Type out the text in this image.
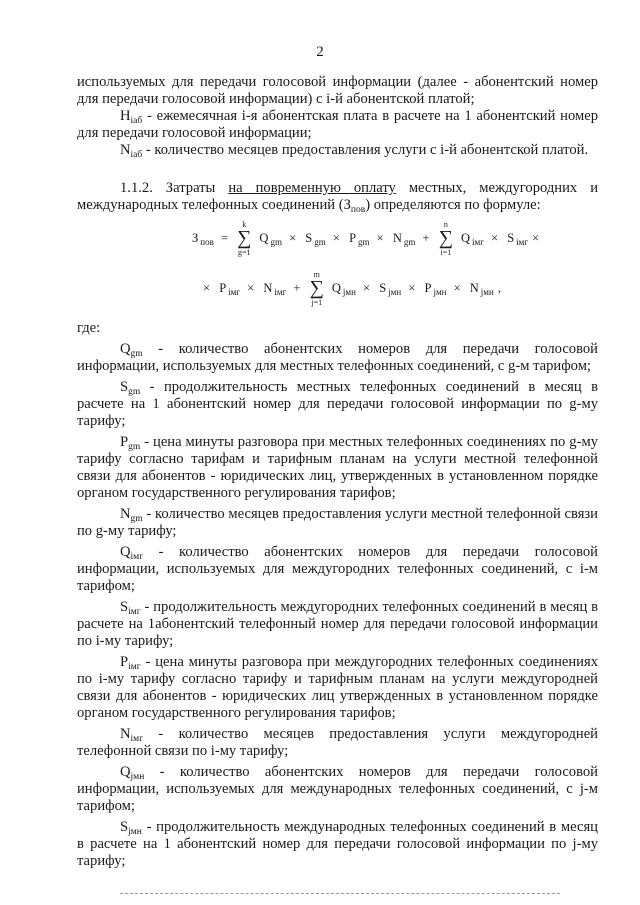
2

используемых для передачи голосовой информации (далее - абонентский номер для передачи голосовой информации) с i-й абонентской платой;

$H_{iаб}$ - ежемесячная i-я абонентская плата в расчете на 1 абонентский номер для передачи голосовой информации;

$N_{iаб}$ - количество месяцев предоставления услуги с i-й абонентской платой.

1.1.2. Затраты на повременную оплату местных, междугородних и международных телефонных соединений $(З_{пов})$ определяются по формуле:

З $_{пов}$ =
k
∑
g=1
Q $_{gm}$ × S $_{gm}$ × P $_{gm}$ × N $_{gm}$ +
n
∑
i=1
Q $_{iмг}$ × S $_{iмг}$ ×
× P $_{iмг}$ × N $_{iмг}$ +
m
∑
j=1
Q $_{jмн}$ × S $_{jмн}$ × P $_{jмн}$ × N $_{jмн}$ ,

где:

$Q_{gm}$ - количество абонентских номеров для передачи голосовой информации, используемых для местных телефонных соединений, с g-м тарифом;

$S_{gm}$ - продолжительность местных телефонных соединений в месяц в расчете на 1 абонентский номер для передачи голосовой информации по g-му тарифу;

$P_{gm}$ - цена минуты разговора при местных телефонных соединениях по g-му тарифу согласно тарифам и тарифным планам на услуги местной телефонной связи для абонентов - юридических лиц, утвержденных в установленном порядке органом государственного регулирования тарифов;

$N_{gm}$ - количество месяцев предоставления услуги местной телефонной связи по g-му тарифу;

$Q_{iмг}$ - количество абонентских номеров для передачи голосовой информации, используемых для междугородних телефонных соединений, с i-м тарифом;

$S_{iмг}$ - продолжительность междугородних телефонных соединений в месяц в расчете на 1абонентский телефонный номер для передачи голосовой информации по i-му тарифу;

$P_{iмг}$ - цена минуты разговора при междугородних телефонных соединениях по i-му тарифу согласно тарифу и тарифным планам на услуги междугородней связи для абонентов - юридических лиц утвержденных в установленном порядке органом государственного регулирования тарифов;

$N_{iмг}$ - количество месяцев предоставления услуги междугородней телефонной связи по i-му тарифу;

$Q_{jмн}$ - количество абонентских номеров для передачи голосовой информации, используемых для международных телефонных соединений, с j-м тарифом;

$S_{jмн}$ - продолжительность международных телефонных соединений в месяц в расчете на 1 абонентский номер для передачи голосовой информации по j-му тарифу;
